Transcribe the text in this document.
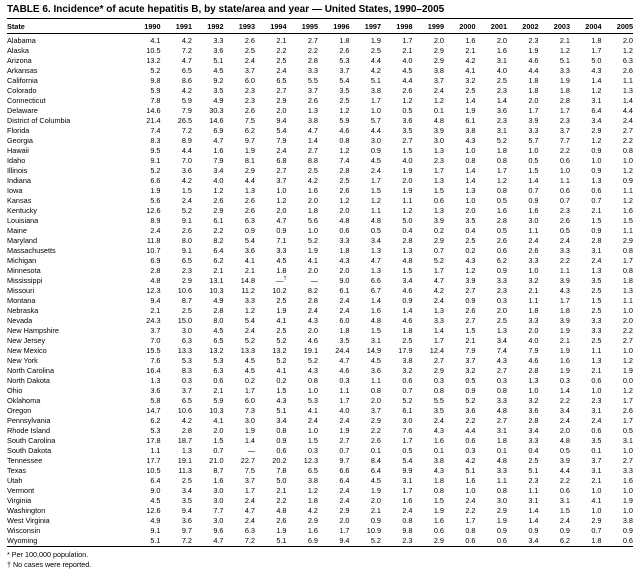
TABLE 6. Incidence* of acute hepatitis B, by state/area and year — United States, 1990–2005
State	1990	1991	1992	1993	1994	1995	1996	1997	1998	1999	2000	2001	2002	2003	2004	2005
Alabama	4.1	4.2	3.3	2.6	2.1	2.7	1.8	1.9	1.7	2.0	1.6	2.0	2.3	2.1	1.8	2.0
Alaska	10.5	7.2	3.6	2.5	2.2	2.2	2.6	2.5	2.1	2.9	2.1	1.6	1.9	1.2	1.7	1.2
Arizona	13.2	4.7	5.1	2.4	2.5	2.8	5.3	4.4	4.0	2.9	4.2	3.1	4.6	5.1	5.0	6.3
Arkansas	5.2	6.5	4.5	3.7	2.4	3.3	3.7	4.2	4.5	3.8	4.1	4.0	4.4	3.3	4.3	2.6
California	9.8	8.6	9.2	6.0	6.5	5.5	5.4	5.1	4.4	3.7	3.2	2.5	1.8	1.9	1.4	1.1
Colorado	5.9	4.2	3.5	2.3	2.7	3.7	3.5	3.8	2.6	2.4	2.5	2.3	1.8	1.8	1.2	1.3
Connecticut	7.8	5.9	4.9	2.3	2.9	2.6	2.5	1.7	1.2	1.2	1.4	1.4	2.0	2.8	3.1	1.4
Delaware	14.6	7.9	30.3	2.6	2.0	1.3	1.2	1.0	0.5	0.1	1.9	3.6	1.7	1.7	6.4	4.4
District of Columbia	21.4	26.5	14.6	7.5	9.4	3.8	5.9	5.7	3.6	4.8	6.1	2.3	3.9	2.3	3.4	2.4
Florida	7.4	7.2	6.9	6.2	5.4	4.7	4.6	4.4	3.5	3.9	3.8	3.1	3.3	3.7	2.9	2.7
Georgia	8.3	8.9	4.7	9.7	7.9	1.4	0.8	3.0	2.7	3.0	4.3	5.2	5.7	7.7	1.2	2.2
Hawaii	9.5	4.4	1.6	1.9	2.4	2.7	1.2	0.9	1.5	1.3	1.0	1.8	1.0	2.2	0.9	0.8
Idaho	9.1	7.0	7.9	8.1	6.8	8.8	7.4	4.5	4.0	2.3	0.8	0.8	0.5	0.6	1.0	1.0
Illinois	5.2	3.6	3.4	2.9	2.7	2.5	2.8	2.4	1.9	1.7	1.4	1.7	1.5	1.0	0.9	1.2
Indiana	6.6	4.2	4.0	4.4	3.7	4.2	2.5	1.7	2.0	1.3	1.4	1.2	1.4	1.1	1.3	0.9
Iowa	1.9	1.5	1.2	1.3	1.0	1.6	2.6	1.5	1.9	1.5	1.3	0.8	0.7	0.6	0.6	1.1
Kansas	5.6	2.4	2.6	2.6	1.2	2.0	1.2	1.2	1.1	0.6	1.0	0.5	0.9	0.7	0.7	1.2
Kentucky	12.6	5.2	2.9	2.6	2.0	1.8	2.0	1.1	1.2	1.3	2.0	1.6	1.6	2.3	2.1	1.6
Louisiana	8.9	9.1	6.1	6.3	4.7	5.6	4.8	4.8	5.0	3.9	3.5	2.8	3.0	2.6	1.5	1.5
Maine	2.4	2.6	2.2	0.9	0.9	1.0	0.6	0.5	0.4	0.2	0.4	0.5	1.1	0.5	0.9	1.1
Maryland	11.8	8.0	8.2	5.4	7.1	5.2	3.3	3.4	2.8	2.9	2.5	2.6	2.4	2.4	2.8	2.9
Massachusetts	10.7	9.1	6.4	3.6	3.3	1.9	1.8	1.3	1.3	0.7	0.2	0.6	2.6	3.3	3.1	0.8
Michigan	6.9	6.5	6.2	4.1	4.5	4.1	4.3	4.7	4.8	5.2	4.3	6.2	3.3	2.2	2.4	1.7
Minnesota	2.8	2.3	2.1	2.1	1.8	2.0	2.0	1.3	1.5	1.7	1.2	0.9	1.0	1.1	1.3	0.8
Mississippi	4.8	2.9	13.1	14.8	—†	—	9.0	6.6	3.4	4.7	3.9	3.3	3.2	3.9	3.5	1.8
Missouri	12.3	10.6	10.3	11.2	10.2	8.2	6.1	6.7	4.6	4.2	2.7	2.3	2.1	4.3	2.5	1.3
Montana	9.4	8.7	4.9	3.3	2.5	2.8	2.4	1.4	0.9	2.4	0.9	0.3	1.1	1.7	1.5	1.1
Nebraska	2.1	2.5	2.8	1.2	1.9	2.4	2.4	1.6	1.4	1.3	2.6	2.0	1.8	1.8	2.5	1.0
Nevada	24.3	15.0	8.0	5.4	4.1	4.3	6.0	4.8	4.6	3.3	2.7	2.5	3.3	3.9	3.3	2.0
New Hampshire	3.7	3.0	4.5	2.4	2.5	2.0	1.8	1.5	1.8	1.4	1.5	1.3	2.0	1.9	3.3	2.2
New Jersey	7.0	6.3	6.5	5.2	5.2	4.6	3.5	3.1	2.5	1.7	2.1	3.4	4.0	2.1	2.5	2.7
New Mexico	15.5	13.3	13.2	13.3	13.2	19.1	24.4	14.9	17.9	12.4	7.9	7.4	7.9	1.9	1.1	1.0
New York	7.6	5.3	5.3	4.5	5.2	5.2	4.7	4.5	3.8	2.7	3.7	4.3	4.6	1.6	1.3	1.2
North Carolina	16.4	8.3	6.3	4.5	4.1	4.3	4.6	3.6	3.2	2.9	3.2	2.7	2.8	1.9	2.1	1.9
North Dakota	1.3	0.3	0.6	0.2	0.2	0.8	0.3	1.1	0.6	0.3	0.5	0.3	1.3	0.3	0.6	0.0
Ohio	3.6	3.7	2.1	1.7	1.5	1.0	1.1	0.8	0.7	0.8	0.9	0.8	1.0	1.4	1.0	1.2
Oklahoma	5.8	6.5	5.9	6.0	4.3	5.3	1.7	2.0	5.2	5.5	5.2	3.3	3.2	2.2	2.3	1.7
Oregon	14.7	10.6	10.3	7.3	5.1	4.1	4.0	3.7	6.1	3.5	3.6	4.8	3.6	3.4	3.1	2.6
Pennsylvania	6.2	4.2	4.1	3.0	3.4	2.4	2.4	2.9	3.0	2.4	2.2	2.7	2.8	2.4	2.4	1.7
Rhode Island	5.3	2.8	2.0	1.9	0.8	1.0	1.9	2.2	7.6	4.3	4.4	3.1	3.4	2.0	0.6	0.5
South Carolina	17.8	18.7	1.5	1.4	0.9	1.5	2.7	2.6	1.7	1.6	0.6	1.8	3.3	4.8	3.5	3.1
South Dakota	1.1	1.3	0.7	—	0.6	0.3	0.7	0.1	0.5	0.1	0.3	0.1	0.4	0.5	0.1	1.0
Tennessee	17.7	19.1	21.0	22.7	20.2	12.3	9.7	8.4	5.4	3.8	4.2	4.8	2.5	3.9	3.7	2.7
Texas	10.5	11.3	8.7	7.5	7.8	6.5	6.6	6.4	9.9	4.3	5.1	3.3	5.1	4.4	3.1	3.3
Utah	6.4	2.5	1.6	3.7	5.0	3.8	6.4	4.5	3.1	1.8	1.6	1.1	2.3	2.2	2.1	1.6
Vermont	9.0	3.4	3.0	1.7	2.1	1.2	2.4	1.9	1.7	0.8	1.0	0.8	1.1	0.6	1.0	1.0
Virginia	4.5	3.5	3.0	2.4	2.2	1.8	2.4	2.0	1.6	1.5	2.4	3.0	3.1	3.1	4.1	1.9
Washington	12.6	9.4	7.7	4.7	4.8	4.2	2.9	2.1	2.4	1.9	2.2	2.9	1.4	1.5	1.0	1.0
West Virginia	4.9	3.6	3.0	2.4	2.6	2.9	2.0	0.9	0.8	1.6	1.7	1.9	1.4	2.4	2.9	3.8
Wisconsin	9.1	9.7	9.6	6.3	1.9	1.6	1.7	10.9	9.8	0.6	0.8	0.9	0.9	0.9	0.7	0.9
Wyoming	5.1	7.2	4.7	7.2	5.1	6.9	9.4	5.2	2.3	2.9	0.6	0.6	3.4	6.2	1.8	0.6
* Per 100,000 population.
† No cases were reported.
